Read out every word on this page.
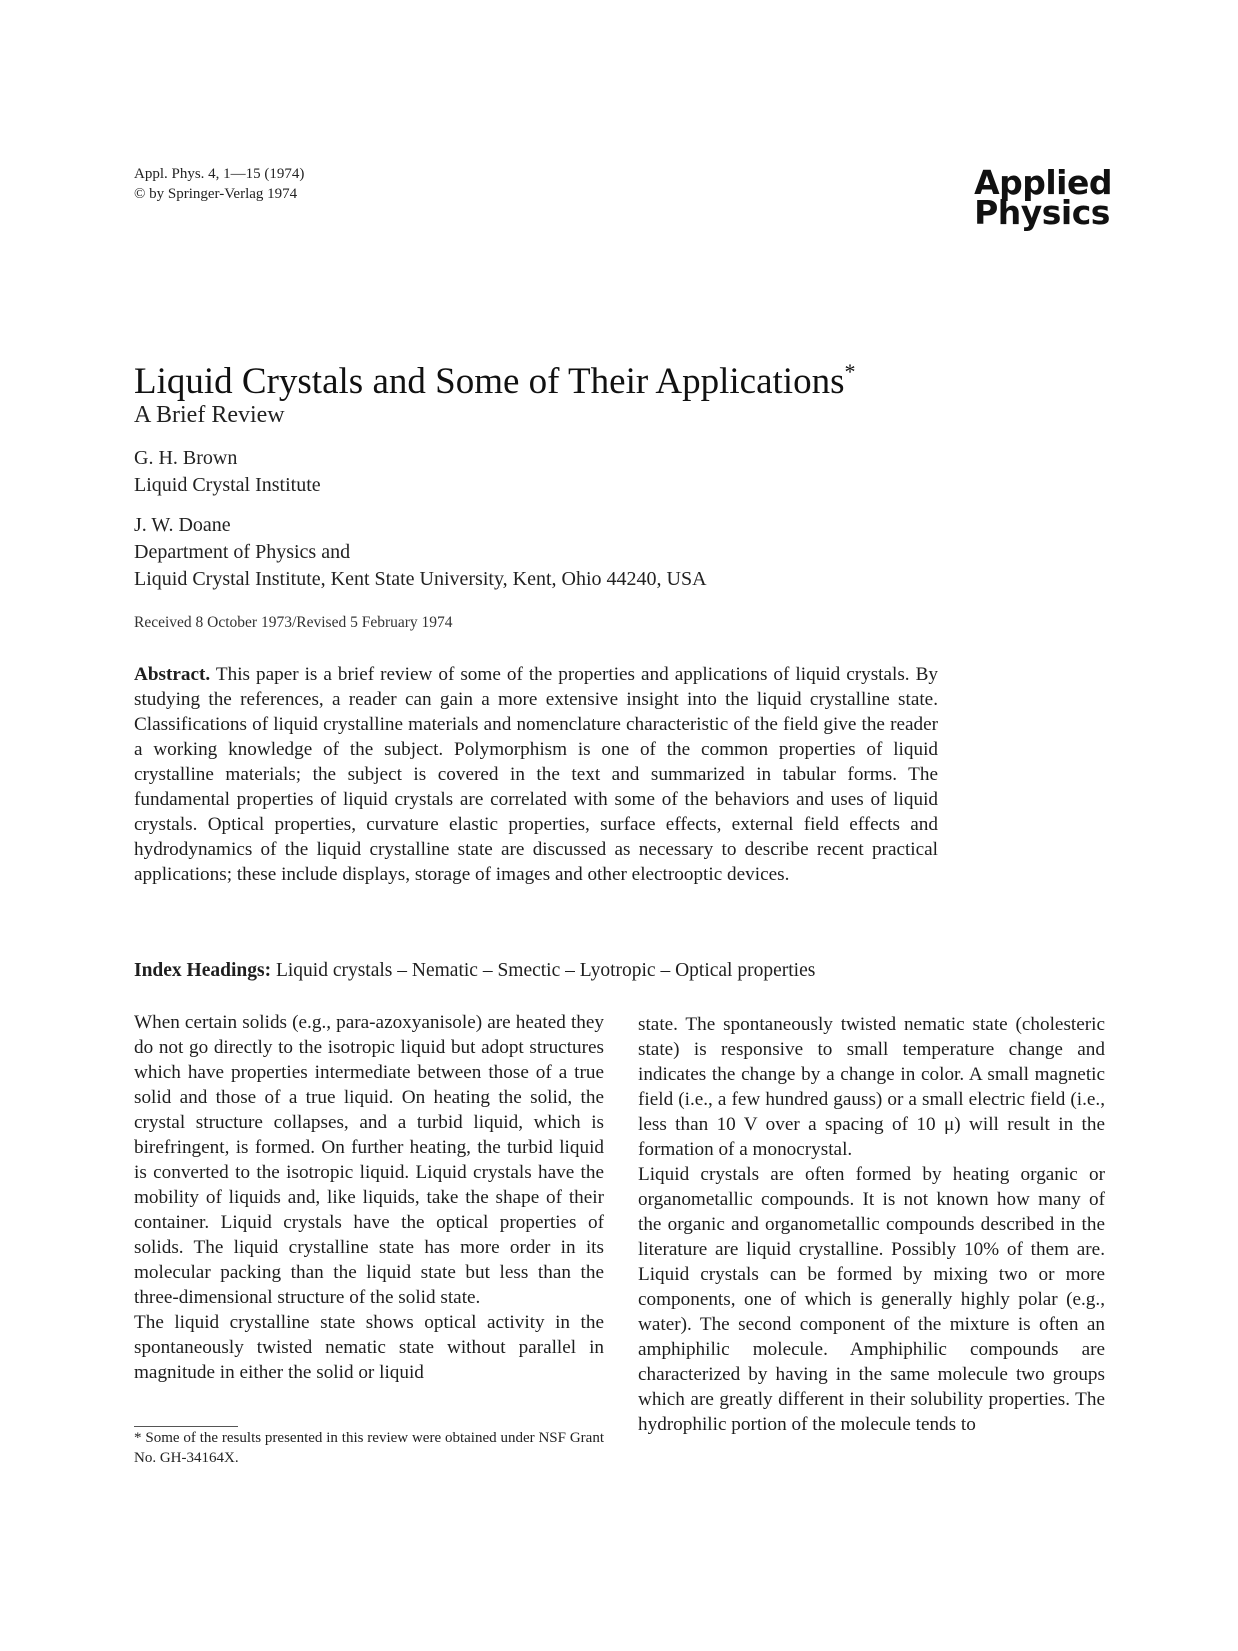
Appl. Phys. 4, 1—15 (1974)
© by Springer-Verlag 1974	Applied
Physics
Liquid Crystals and Some of Their Applications*
A Brief Review
G. H. Brown
Liquid Crystal Institute
J. W. Doane
Department of Physics and
Liquid Crystal Institute, Kent State University, Kent, Ohio 44240, USA
Received 8 October 1973/Revised 5 February 1974
Abstract. This paper is a brief review of some of the properties and applications of liquid crystals. By studying the references, a reader can gain a more extensive insight into the liquid crystalline state. Classifications of liquid crystalline materials and nomenclature characteristic of the field give the reader a working knowledge of the subject. Polymorphism is one of the common properties of liquid crystalline materials; the subject is covered in the text and summarized in tabular forms. The fundamental properties of liquid crystals are correlated with some of the behaviors and uses of liquid crystals. Optical properties, curvature elastic properties, surface effects, external field effects and hydrodynamics of the liquid crystalline state are discussed as necessary to describe recent practical applications; these include displays, storage of images and other electrooptic devices.
Index Headings: Liquid crystals – Nematic – Smectic – Lyotropic – Optical properties

When certain solids (e.g., para-azoxyanisole) are heated they do not go directly to the isotropic liquid but adopt structures which have properties intermediate between those of a true solid and those of a true liquid. On heating the solid, the crystal structure collapses, and a turbid liquid, which is birefringent, is formed. On further heating, the turbid liquid is converted to the isotropic liquid. Liquid crystals have the mobility of liquids and, like liquids, take the shape of their container. Liquid crystals have the optical properties of solids. The liquid crystalline state has more order in its molecular packing than the liquid state but less than the three-dimensional structure of the solid state.

The liquid crystalline state shows optical activity in the spontaneously twisted nematic state without parallel in magnitude in either the solid or liquid

state. The spontaneously twisted nematic state (cholesteric state) is responsive to small temperature change and indicates the change by a change in color. A small magnetic field (i.e., a few hundred gauss) or a small electric field (i.e., less than 10 V over a spacing of 10 μ) will result in the formation of a monocrystal.

Liquid crystals are often formed by heating organic or organometallic compounds. It is not known how many of the organic and organometallic compounds described in the literature are liquid crystalline. Possibly 10% of them are. Liquid crystals can be formed by mixing two or more components, one of which is generally highly polar (e.g., water). The second component of the mixture is often an amphiphilic molecule. Amphiphilic compounds are characterized by having in the same molecule two groups which are greatly different in their solubility properties. The hydrophilic portion of the molecule tends to

* Some of the results presented in this review were obtained under NSF Grant No. GH-34164X.
